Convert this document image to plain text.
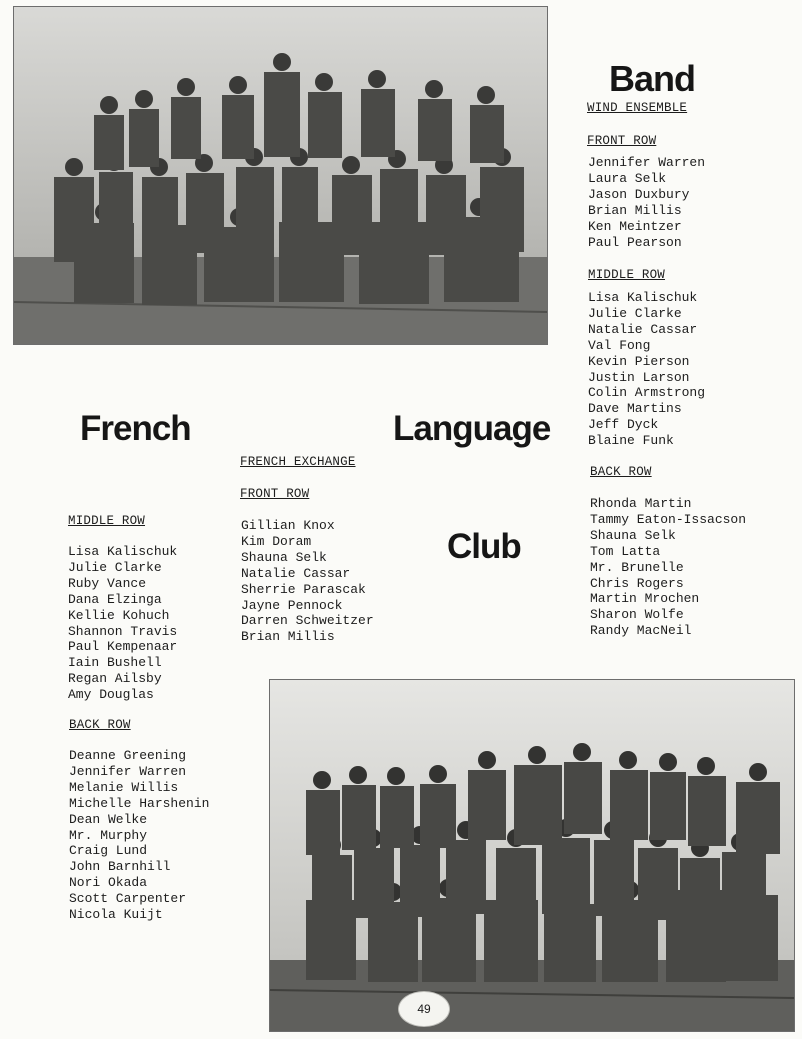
Band
WIND ENSEMBLE
FRONT ROW
Jennifer Warren
Laura Selk
Jason Duxbury
Brian Millis
Ken Meintzer
Paul Pearson
MIDDLE ROW
Lisa Kalischuk
Julie Clarke
Natalie Cassar
Val Fong
Kevin Pierson
Justin Larson
Colin Armstrong
Dave Martins
Jeff Dyck
Blaine Funk
BACK ROW
Rhonda Martin
Tammy Eaton-Issacson
Shauna Selk
Tom Latta
Mr. Brunelle
Chris Rogers
Martin Mrochen
Sharon Wolfe
Randy MacNeil
French	Language
Club
FRENCH EXCHANGE
FRONT ROW
Gillian Knox
Kim Doram
Shauna Selk
Natalie Cassar
Sherrie Parascak
Jayne Pennock
Darren Schweitzer
Brian Millis
MIDDLE ROW
Lisa Kalischuk
Julie Clarke
Ruby Vance
Dana Elzinga
Kellie Kohuch
Shannon Travis
Paul Kempenaar
Iain Bushell
Regan Ailsby
Amy Douglas
BACK ROW
Deanne Greening
Jennifer Warren
Melanie Willis
Michelle Harshenin
Dean Welke
Mr. Murphy
Craig Lund
John Barnhill
Nori Okada
Scott Carpenter
Nicola Kuijt
49
